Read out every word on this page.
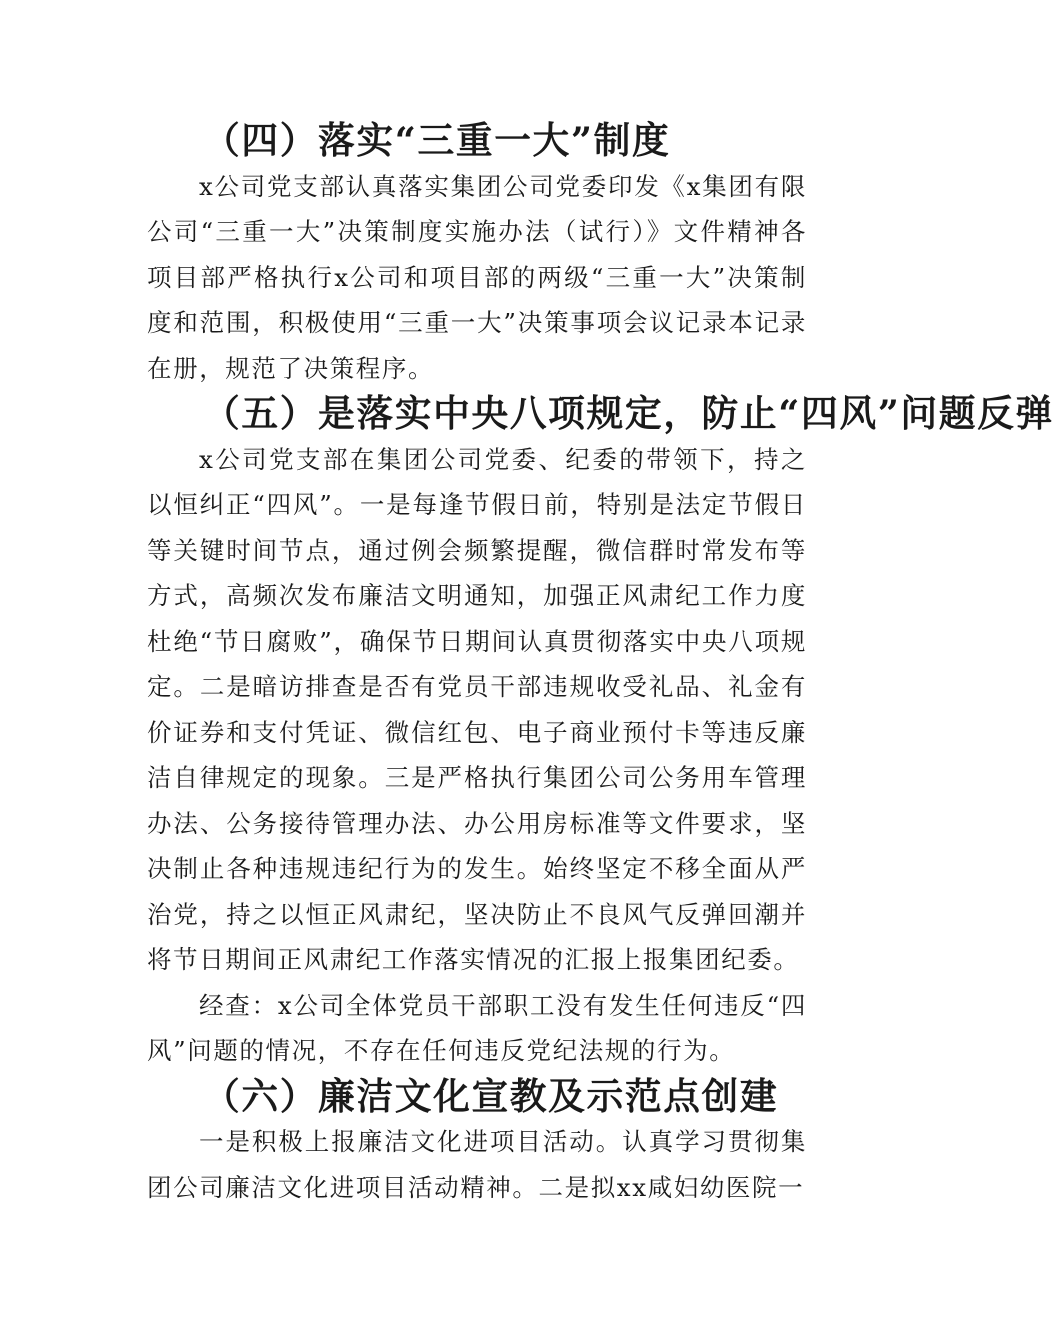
（四）落实“三重一大”制度

x公司党支部认真落实集团公司党委印发《x集团有限公司“三重一大”决策制度实施办法（试行）》文件精神各项目部严格执行x公司和项目部的两级“三重一大”决策制度和范围，积极使用“三重一大”决策事项会议记录本记录在册，规范了决策程序。

（五）是落实中央八项规定，防止“四风”问题反弹

x公司党支部在集团公司党委、纪委的带领下，持之以恒纠正“四风”。一是每逢节假日前，特别是法定节假日等关键时间节点，通过例会频繁提醒，微信群时常发布等方式，高频次发布廉洁文明通知，加强正风肃纪工作力度杜绝“节日腐败”，确保节日期间认真贯彻落实中央八项规定。二是暗访排查是否有党员干部违规收受礼品、礼金有价证券和支付凭证、微信红包、电子商业预付卡等违反廉洁自律规定的现象。三是严格执行集团公司公务用车管理办法、公务接待管理办法、办公用房标准等文件要求，坚决制止各种违规违纪行为的发生。始终坚定不移全面从严治党，持之以恒正风肃纪，坚决防止不良风气反弹回潮并将节日期间正风肃纪工作落实情况的汇报上报集团纪委。

经查：x公司全体党员干部职工没有发生任何违反“四风”问题的情况，不存在任何违反党纪法规的行为。

（六）廉洁文化宣教及示范点创建

一是积极上报廉洁文化进项目活动。认真学习贯彻集团公司廉洁文化进项目活动精神。二是拟xx咸妇幼医院一
